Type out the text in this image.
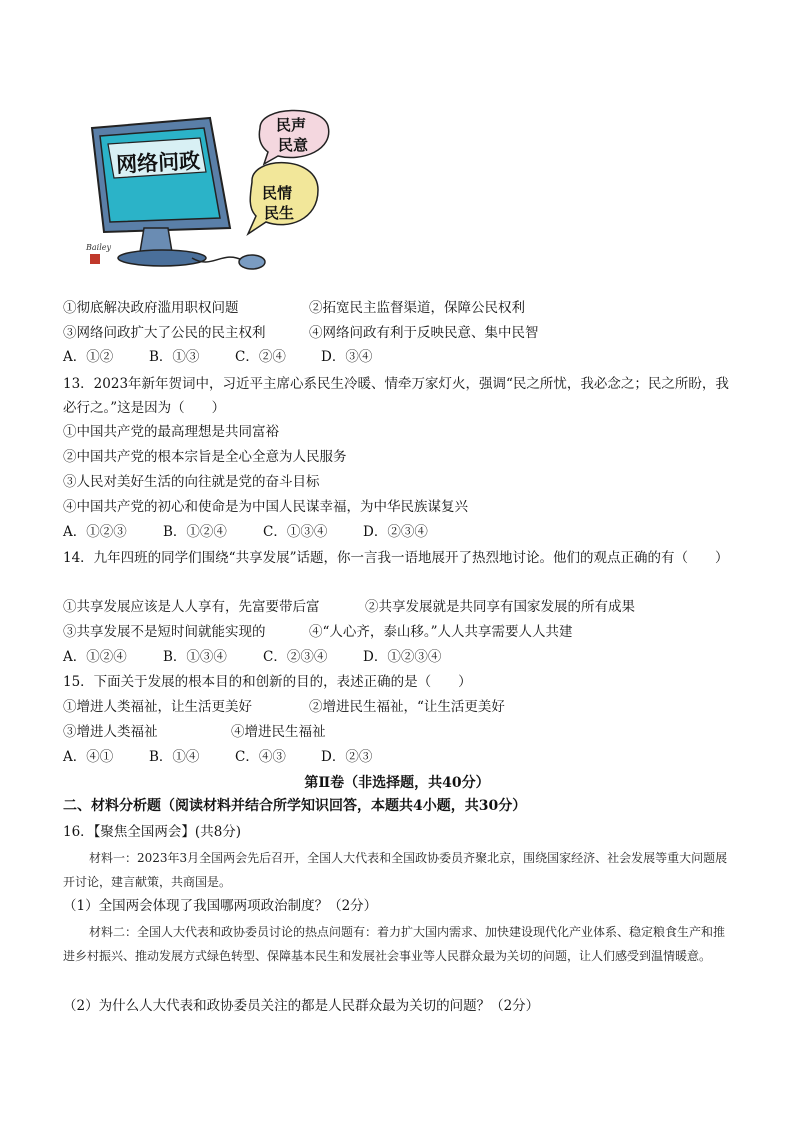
网络问政
民声
民意
民情
民生
Bailey
①彻底解决政府滥用职权问题	②拓宽民主监督渠道，保障公民权利
③网络问政扩大了公民的民主权利	④网络问政有利于反映民意、集中民智
A．①②	B．①③	C．②④	D．③④
13．2023年新年贺词中，习近平主席心系民生冷暖、情牵万家灯火，强调“民之所忧，我必念之；民之所盼，我必行之。”这是因为（　　）
①中国共产党的最高理想是共同富裕
②中国共产党的根本宗旨是全心全意为人民服务
③人民对美好生活的向往就是党的奋斗目标
④中国共产党的初心和使命是为中国人民谋幸福，为中华民族谋复兴
A．①②③	B．①②④	C．①③④	D．②③④
14．九年四班的同学们围绕“共享发展”话题，你一言我一语地展开了热烈地讨论。他们的观点正确的有（　　）
①共享发展应该是人人享有，先富要带后富	②共享发展就是共同享有国家发展的所有成果
③共享发展不是短时间就能实现的	④“人心齐，泰山移。”人人共享需要人人共建
A．①②④	B．①③④	C．②③④	D．①②③④
15．下面关于发展的根本目的和创新的目的，表述正确的是（　　）
①增进人类福祉，让生活更美好	②增进民生福祉，“让生活更美好
③增进人类福祉	④增进民生福祉
A．④①	B．①④	C．④③	D．②③
第Ⅱ卷（非选择题，共40分）
二、材料分析题（阅读材料并结合所学知识回答，本题共4小题，共30分）
16．【聚焦全国两会】(共8分)
材料一：2023年3月全国两会先后召开，全国人大代表和全国政协委员齐聚北京，围绕国家经济、社会发展等重大问题展开讨论，建言献策，共商国是。
（1）全国两会体现了我国哪两项政治制度？（2分）
材料二：全国人大代表和政协委员讨论的热点问题有：着力扩大国内需求、加快建设现代化产业体系、稳定粮食生产和推进乡村振兴、推动发展方式绿色转型、保障基本民生和发展社会事业等人民群众最为关切的问题，让人们感受到温情暖意。
（2）为什么人大代表和政协委员关注的都是人民群众最为关切的问题？（2分）
